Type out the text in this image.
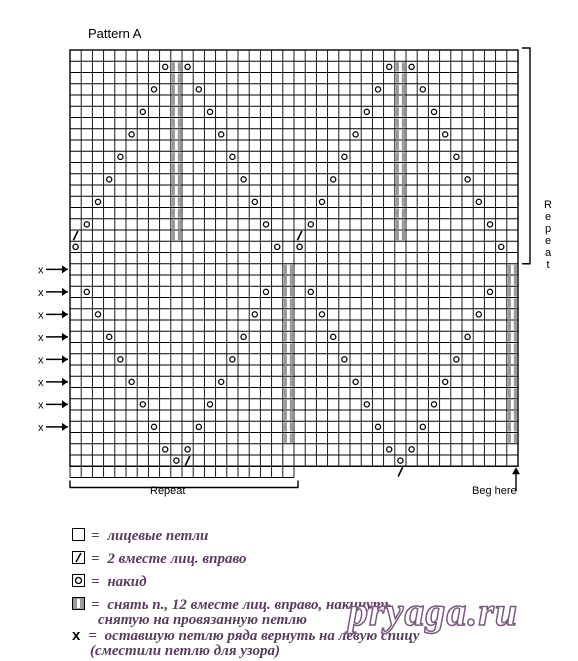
Pattern A
x
x
x
x
x
x
x
x
Repeat	Beg here
R
e
p
e
a
t
= лицевые петли
= 2 вместе лиц. вправо
= накид
= снять п., 12 вместе лиц. вправо, накинуть
снятую на провязанную петлю
x = оставшую петлю ряда вернуть на левую спицу
(сместили петлю для узора)
pryaga.ru
